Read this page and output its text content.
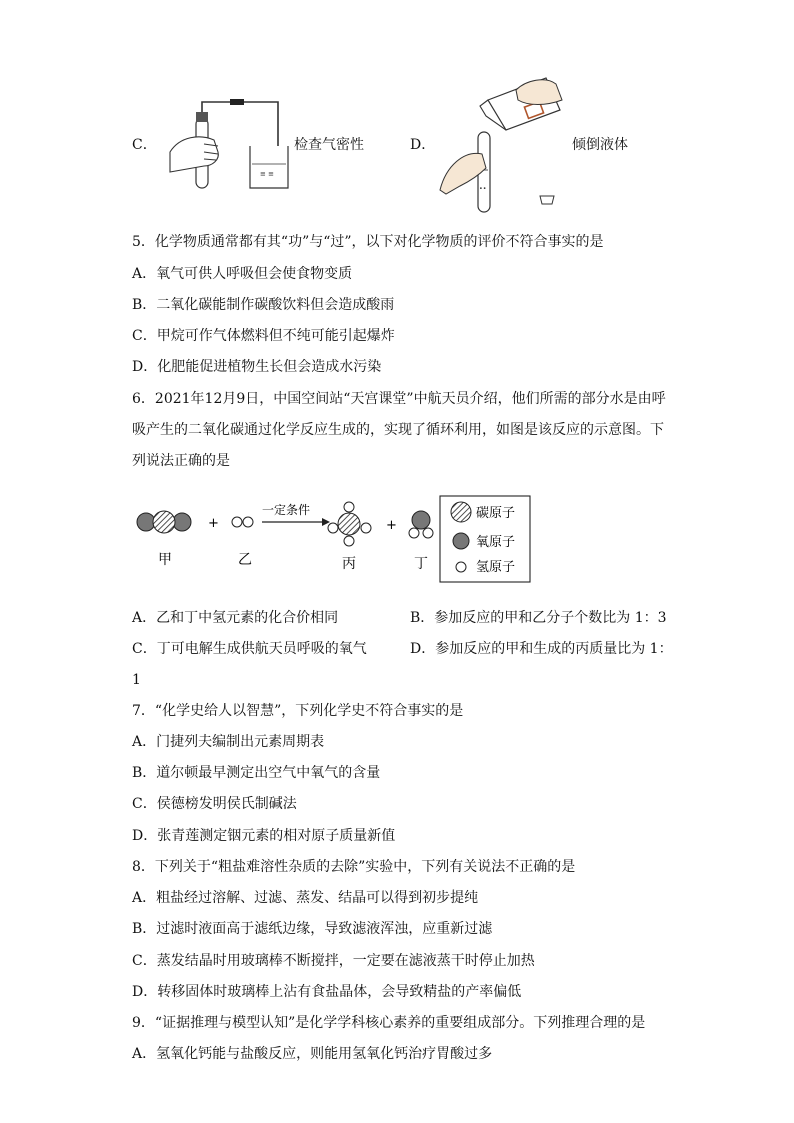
C．
≡ ≡
检查气密性	D．
∙∙
倾倒液体
5．化学物质通常都有其“功”与“过”，以下对化学物质的评价不符合事实的是
A．氧气可供人呼吸但会使食物变质
B．二氧化碳能制作碳酸饮料但会造成酸雨
C．甲烷可作气体燃料但不纯可能引起爆炸
D．化肥能促进植物生长但会造成水污染
6．2021年12月9日，中国空间站“天宫课堂”中航天员介绍，他们所需的部分水是由呼
吸产生的二氧化碳通过化学反应生成的，实现了循环利用，如图是该反应的示意图。下
列说法正确的是
+
一定条件
+
甲	乙	丙	丁
碳原子
氧原子
氢原子
A．乙和丁中氢元素的化合价相同	B．参加反应的甲和乙分子个数比为 1：3
C．丁可电解生成供航天员呼吸的氧气	D．参加反应的甲和生成的丙质量比为 1：
1
7．“化学史给人以智慧”，下列化学史不符合事实的是
A．门捷列夫编制出元素周期表
B．道尔顿最早测定出空气中氧气的含量
C．侯德榜发明侯氏制碱法
D．张青莲测定铟元素的相对原子质量新值
8．下列关于“粗盐难溶性杂质的去除”实验中，下列有关说法不正确的是
A．粗盐经过溶解、过滤、蒸发、结晶可以得到初步提纯
B．过滤时液面高于滤纸边缘，导致滤液浑浊，应重新过滤
C．蒸发结晶时用玻璃棒不断搅拌，一定要在滤液蒸干时停止加热
D．转移固体时玻璃棒上沾有食盐晶体，会导致精盐的产率偏低
9．“证据推理与模型认知”是化学学科核心素养的重要组成部分。下列推理合理的是
A．氢氧化钙能与盐酸反应，则能用氢氧化钙治疗胃酸过多
